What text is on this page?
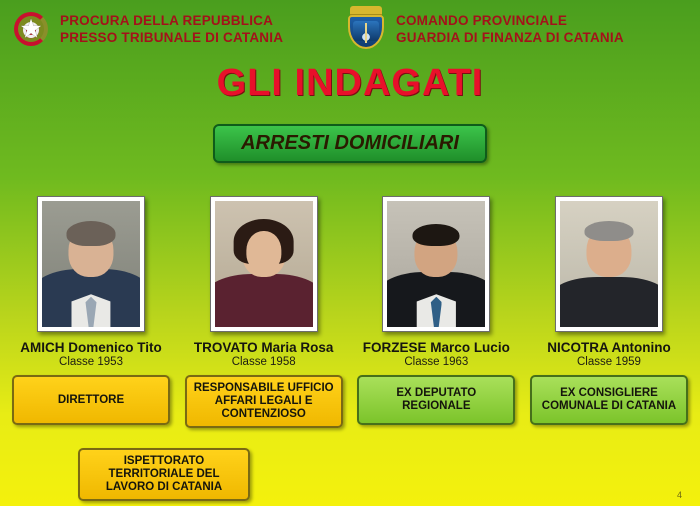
★ PROCURA DELLA REPUBBLICA
PRESSO TRIBUNALE DI CATANIA
COMANDO PROVINCIALE
GUARDIA DI FINANZA DI CATANIA
GLI INDAGATI
ARRESTI DOMICILIARI
AMICH Domenico Tito
Classe 1953
TROVATO Maria Rosa
Classe 1958
FORZESE Marco Lucio
Classe 1963
NICOTRA Antonino
Classe 1959
DIRETTORE
RESPONSABILE UFFICIO AFFARI LEGALI E CONTENZIOSO
EX DEPUTATO REGIONALE
EX CONSIGLIERE COMUNALE DI CATANIA
ISPETTORATO TERRITORIALE DEL LAVORO DI CATANIA
4
